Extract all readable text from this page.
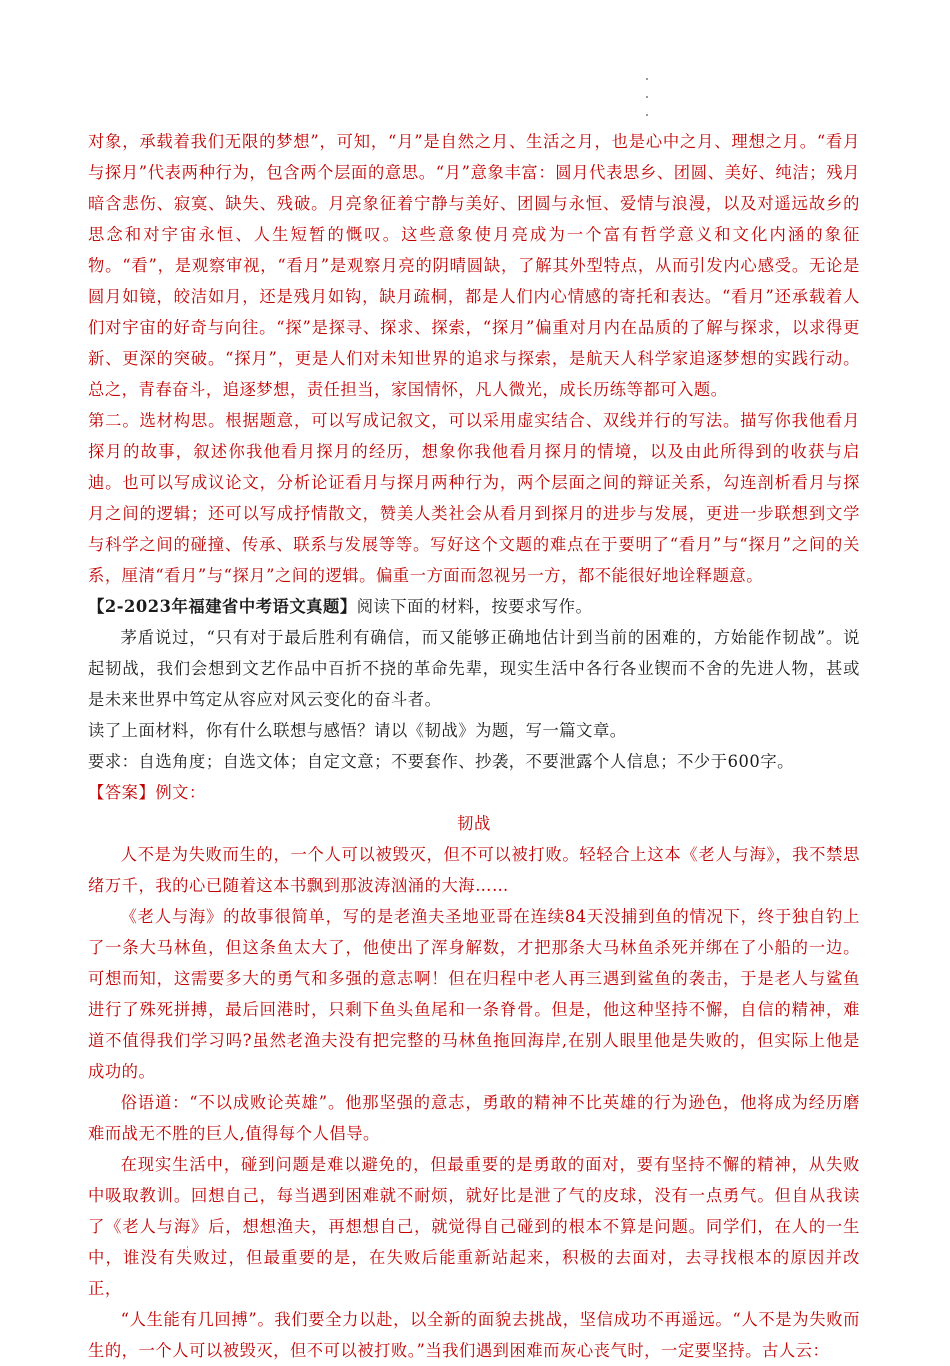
对象，承载着我们无限的梦想”，可知，“月”是自然之月、生活之月，也是心中之月、理想之月。“看月与探月”代表两种行为，包含两个层面的意思。“月”意象丰富：圆月代表思乡、团圆、美好、纯洁；残月暗含悲伤、寂寞、缺失、残破。月亮象征着宁静与美好、团圆与永恒、爱情与浪漫，以及对遥远故乡的思念和对宇宙永恒、人生短暂的慨叹。这些意象使月亮成为一个富有哲学意义和文化内涵的象征物。“看”，是观察审视，“看月”是观察月亮的阴晴圆缺，了解其外型特点，从而引发内心感受。无论是圆月如镜，皎洁如月，还是残月如钩，缺月疏桐，都是人们内心情感的寄托和表达。“看月”还承载着人们对宇宙的好奇与向往。“探”是探寻、探求、探索，“探月”偏重对月内在品质的了解与探求，以求得更新、更深的突破。“探月”，更是人们对未知世界的追求与探索，是航天人科学家追逐梦想的实践行动。总之，青春奋斗，追逐梦想，责任担当，家国情怀，凡人微光，成长历练等都可入题。

第二。选材构思。根据题意，可以写成记叙文，可以采用虚实结合、双线并行的写法。描写你我他看月探月的故事，叙述你我他看月探月的经历，想象你我他看月探月的情境，以及由此所得到的收获与启迪。也可以写成议论文，分析论证看月与探月两种行为，两个层面之间的辩证关系，勾连剖析看月与探月之间的逻辑；还可以写成抒情散文，赞美人类社会从看月到探月的进步与发展，更进一步联想到文学与科学之间的碰撞、传承、联系与发展等等。写好这个文题的难点在于要明了“看月”与“探月”之间的关系，厘清“看月”与“探月”之间的逻辑。偏重一方面而忽视另一方，都不能很好地诠释题意。

【2-2023年福建省中考语文真题】阅读下面的材料，按要求写作。

茅盾说过，“只有对于最后胜利有确信，而又能够正确地估计到当前的困难的，方始能作韧战”。说起韧战，我们会想到文艺作品中百折不挠的革命先辈，现实生活中各行各业锲而不舍的先进人物，甚或是未来世界中笃定从容应对风云变化的奋斗者。

读了上面材料，你有什么联想与感悟？请以《韧战》为题，写一篇文章。

要求：自选角度；自选文体；自定文意；不要套作、抄袭，不要泄露个人信息；不少于600字。

【答案】例文：

韧战

人不是为失败而生的，一个人可以被毁灭，但不可以被打败。轻轻合上这本《老人与海》，我不禁思绪万千，我的心已随着这本书飘到那波涛汹涌的大海……

《老人与海》的故事很简单，写的是老渔夫圣地亚哥在连续84天没捕到鱼的情况下，终于独自钓上了一条大马林鱼，但这条鱼太大了，他使出了浑身解数，才把那条大马林鱼杀死并绑在了小船的一边。可想而知，这需要多大的勇气和多强的意志啊！但在归程中老人再三遇到鲨鱼的袭击，于是老人与鲨鱼进行了殊死拼搏，最后回港时，只剩下鱼头鱼尾和一条脊骨。但是，他这种坚持不懈，自信的精神，难道不值得我们学习吗?虽然老渔夫没有把完整的马林鱼拖回海岸,在别人眼里他是失败的，但实际上他是成功的。

俗语道：“不以成败论英雄”。他那坚强的意志，勇敢的精神不比英雄的行为逊色，他将成为经历磨难而战无不胜的巨人,值得每个人倡导。

在现实生活中，碰到问题是难以避免的，但最重要的是勇敢的面对，要有坚持不懈的精神，从失败中吸取教训。回想自己，每当遇到困难就不耐烦，就好比是泄了气的皮球，没有一点勇气。但自从我读了《老人与海》后，想想渔夫，再想想自己，就觉得自己碰到的根本不算是问题。同学们，在人的一生中，谁没有失败过，但最重要的是，在失败后能重新站起来，积极的去面对，去寻找根本的原因并改正，

“人生能有几回搏”。我们要全力以赴，以全新的面貌去挑战，坚信成功不再遥远。“人不是为失败而生的，一个人可以被毁灭，但不可以被打败。”当我们遇到困难而灰心丧气时，一定要坚持。古人云：
